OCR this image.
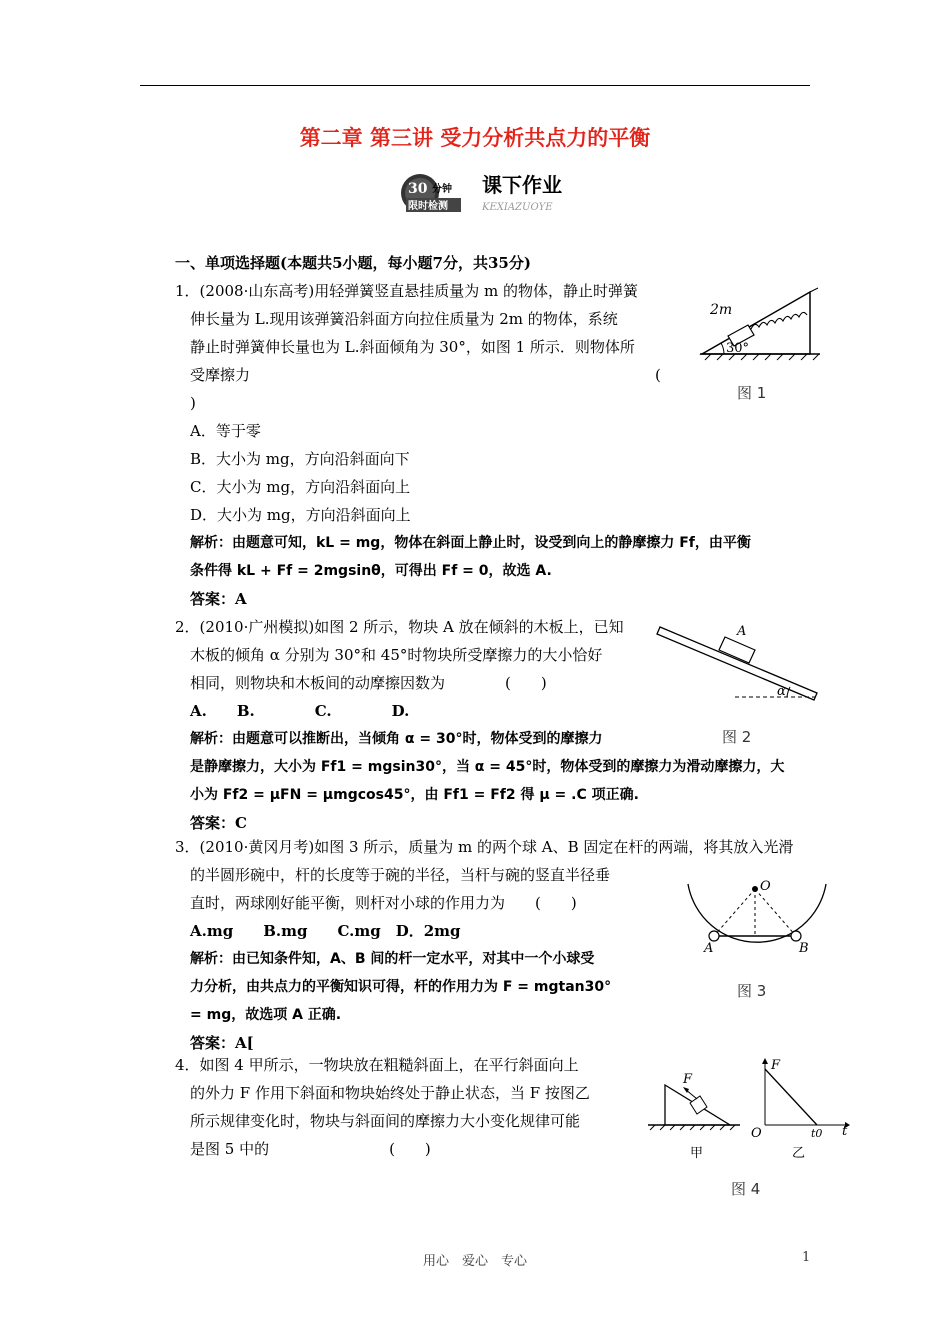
第二章 第三讲 受力分析共点力的平衡
30 分钟
限时检测
课下作业
KEXIAZUOYE
一、单项选择题(本题共5小题，每小题7分，共35分)
1．(2008·山东高考)用轻弹簧竖直悬挂质量为 m 的物体，静止时弹簧
伸长量为 L.现用该弹簧沿斜面方向拉住质量为 2m 的物体，系统
静止时弹簧伸长量也为 L.斜面倾角为 30°，如图 1 所示．则物体所
受摩擦力	(
)
A．等于零
B．大小为 mg，方向沿斜面向下
C．大小为 mg，方向沿斜面向上
D．大小为 mg，方向沿斜面向上
解析：由题意可知，kL = mg，物体在斜面上静止时，设受到向上的静摩擦力 Ff，由平衡
条件得 kL + Ff = 2mgsinθ，可得出 Ff = 0，故选 A.
答案：A
2m
30°
图 1
2．(2010·广州模拟)如图 2 所示，物块 A 放在倾斜的木板上，已知
木板的倾角 α 分别为 30°和 45°时物块所受摩擦力的大小恰好
相同，则物块和木板间的动摩擦因数为　　　　(　　)
A.　　B.　　　　C.　　　　D.
解析：由题意可以推断出，当倾角 α = 30°时，物体受到的摩擦力
是静摩擦力，大小为 Ff1 = mgsin30°，当 α = 45°时，物体受到的摩擦力为滑动摩擦力，大
小为 Ff2 = μFN = μmgcos45°，由 Ff1 = Ff2 得 μ = .C 项正确.
答案：C
A
α
图 2
3．(2010·黄冈月考)如图 3 所示，质量为 m 的两个球 A、B 固定在杆的两端，将其放入光滑
的半圆形碗中，杆的长度等于碗的半径，当杆与碗的竖直半径垂
直时，两球刚好能平衡，则杆对小球的作用力为　　(　　)
A.mg　　B.mg　　C.mg　D．2mg
解析：由已知条件知，A、B 间的杆一定水平，对其中一个小球受
力分析，由共点力的平衡知识可得，杆的作用力为 F = mgtan30°
= mg，故选项 A 正确.
答案：A[
O
A	B
图 3
4．如图 4 甲所示，一物块放在粗糙斜面上，在平行斜面向上
的外力 F 作用下斜面和物块始终处于静止状态，当 F 按图乙
所示规律变化时，物块与斜面间的摩擦力大小变化规律可能
是图 5 中的　　　　　　　　(　　)
F
甲
F
t
O	t0
乙
图 4
用心　爱心　专心	1
